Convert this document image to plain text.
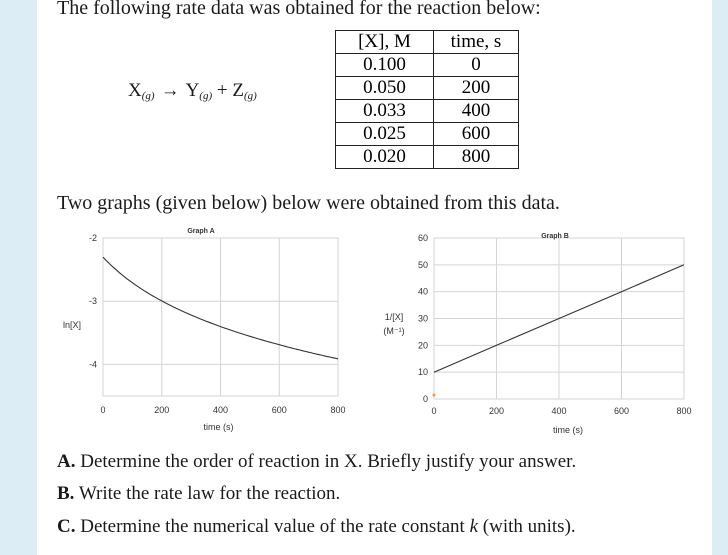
The following rate data was obtained for the reaction below:
$X_{(g)} \to Y_{(g)} + Z_{(g)}$
[X], M	time, s
0.100	0
0.050	200
0.033	400
0.025	600
0.020	800
Two graphs (given below) below were obtained from this data.
0	200	400	600	800
-2
-3
-4
Graph A
time (s)
ln[X]
0	200	400	600	800
0
10
20
30
40
50
60	Graph B
time (s)
1/[X]
(M⁻¹)
A. Determine the order of reaction in X. Briefly justify your answer.
B. Write the rate law for the reaction.
C. Determine the numerical value of the rate constant k (with units).
